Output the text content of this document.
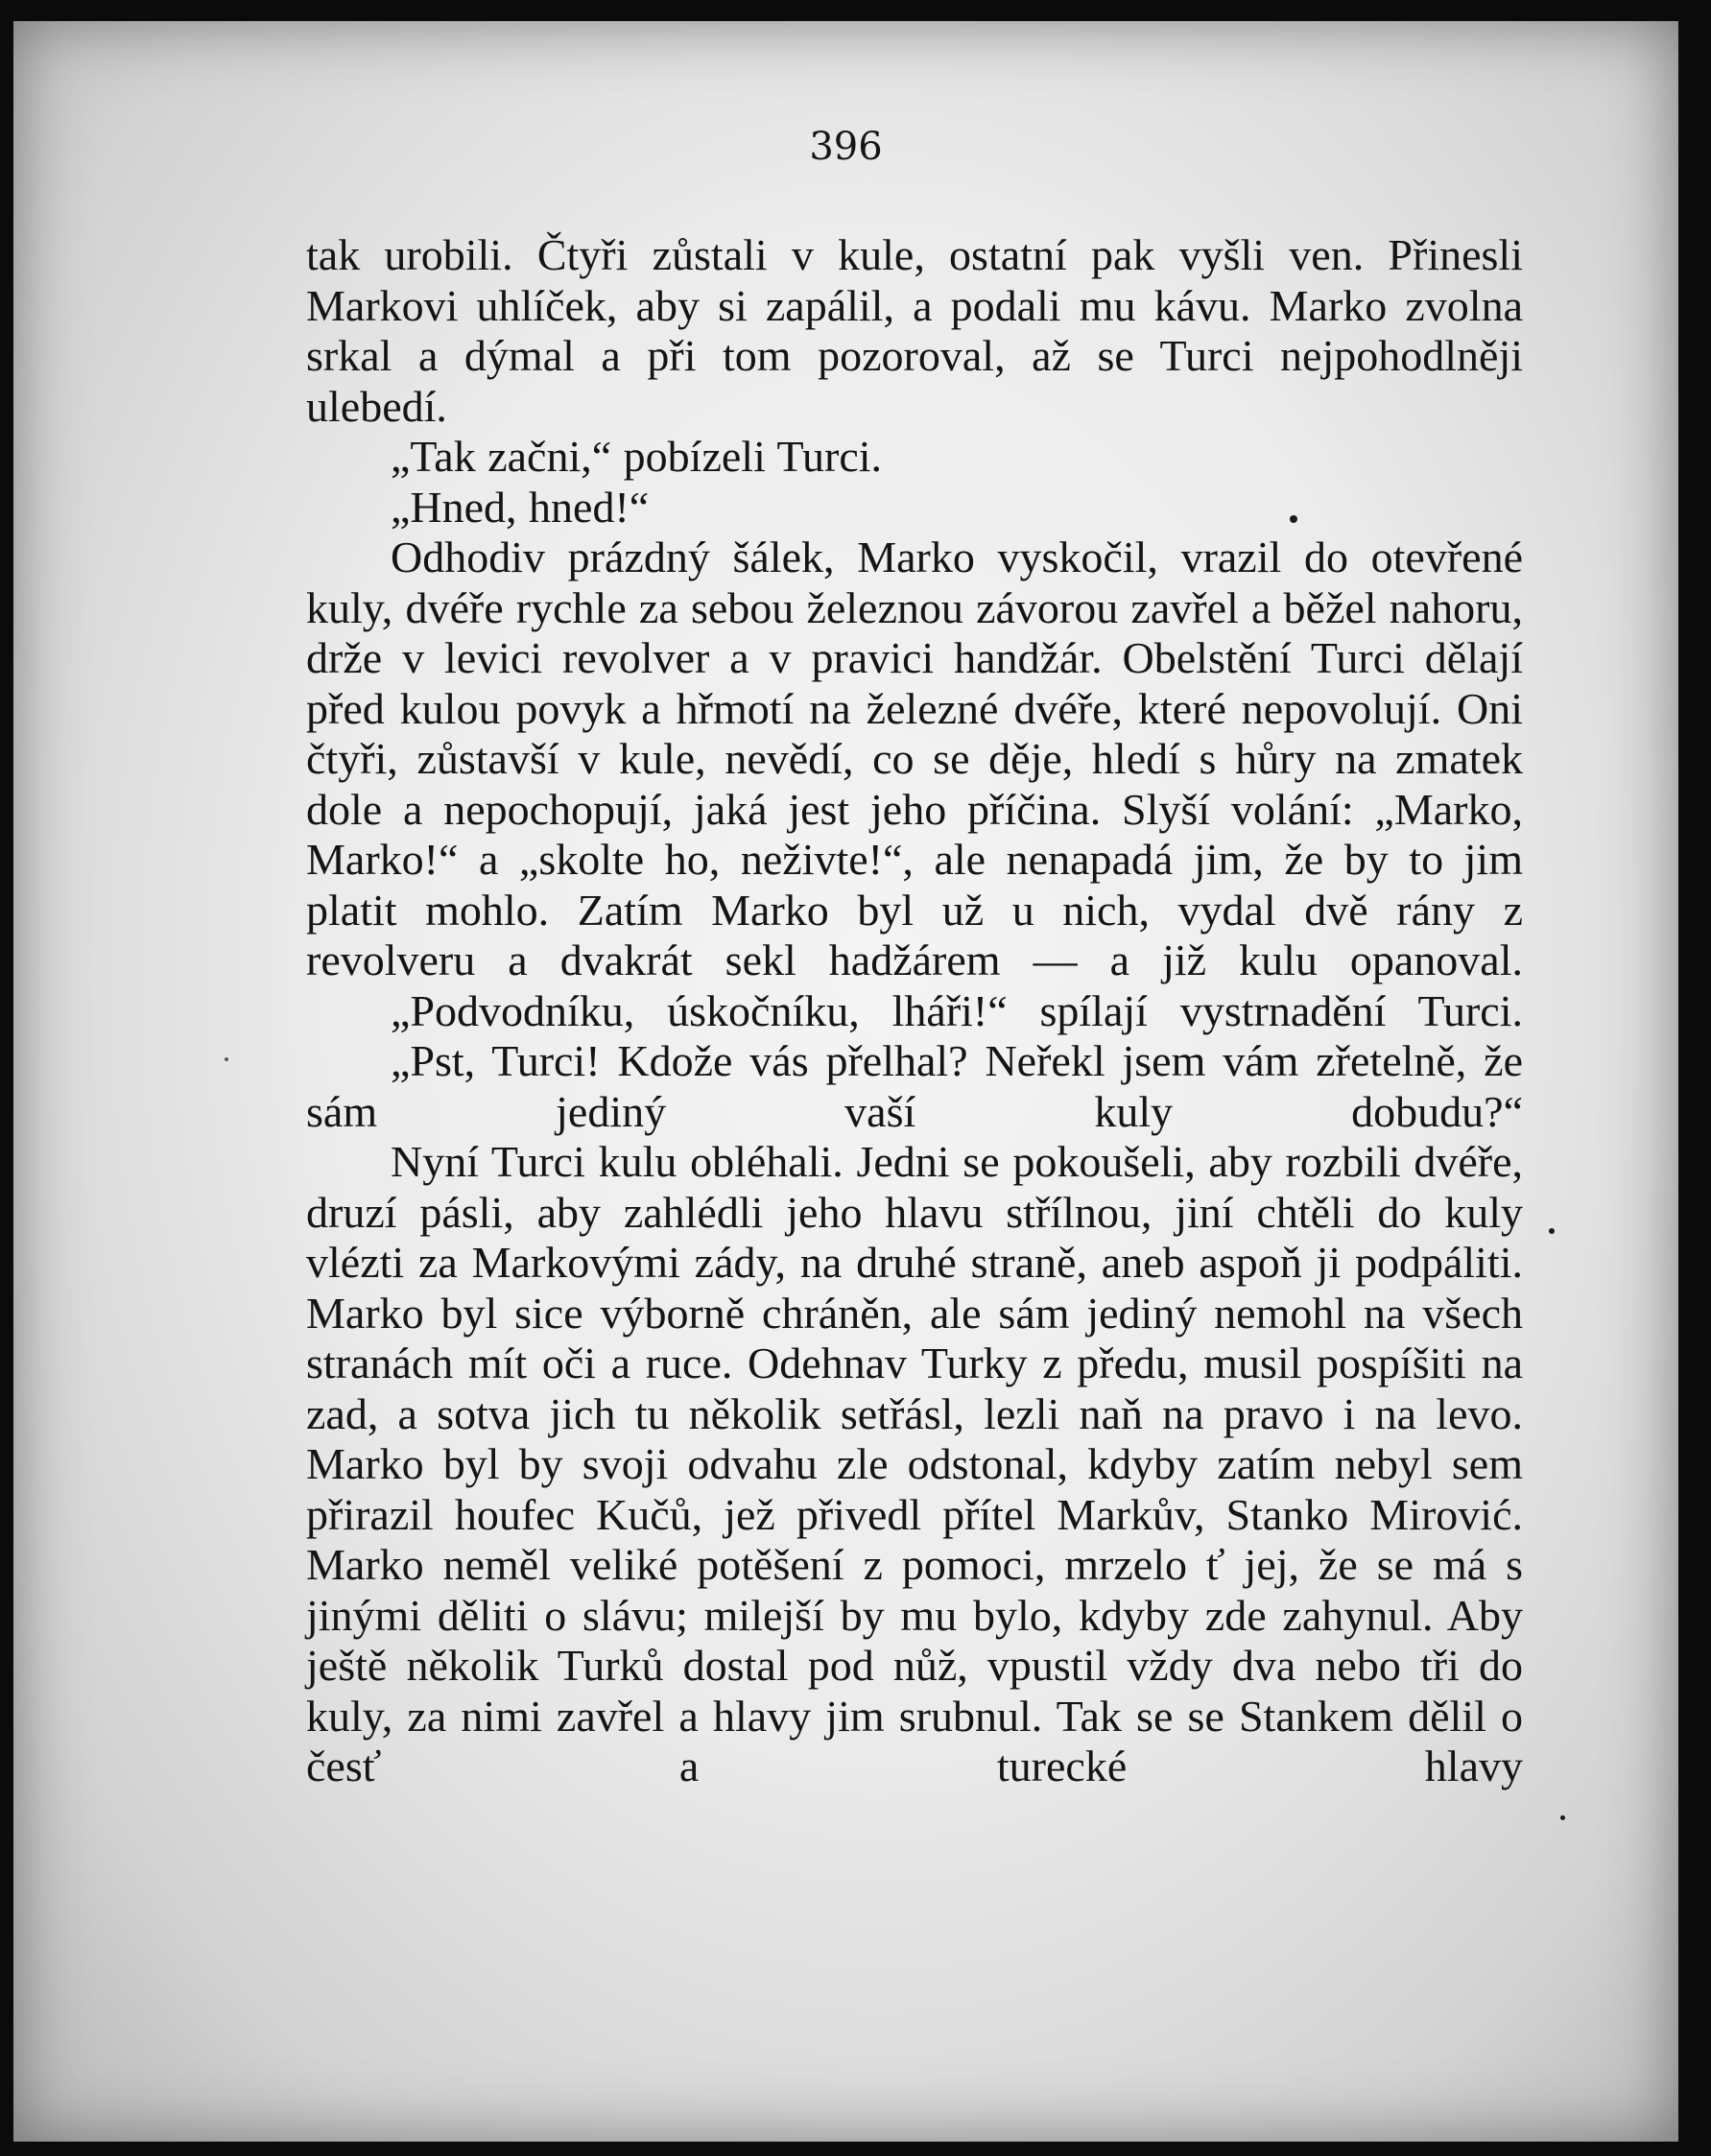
396

tak urobili. Čtyři zůstali v kule, ostatní pak vyšli ven. Přinesli Markovi uhlíček, aby si zapálil, a podali mu kávu. Marko zvolna srkal a dýmal a při tom pozoroval, až se Turci nejpohodlněji ulebedí.

„Tak začni,“ pobízeli Turci.

„Hned, hned!“

Odhodiv prázdný šálek, Marko vyskočil, vrazil do otevřené kuly, dvéře rychle za sebou železnou závorou zavřel a běžel nahoru, drže v levici revolver a v pravici handžár. Obelstění Turci dělají před kulou povyk a hřmotí na železné dvéře, které nepovolují. Oni čtyři, zůstavší v kule, nevědí, co se děje, hledí s hůry na zmatek dole a nepochopují, jaká jest jeho příčina. Slyší volání: „Marko, Marko!“ a „skolte ho, neživte!“, ale nenapadá jim, že by to jim platit mohlo. Zatím Marko byl už u nich, vydal dvě rány z revolveru a dvakrát sekl hadžárem — a již kulu opanoval.

„Podvodníku, úskočníku, lháři!“ spílají vystrnadění Turci.

„Pst, Turci! Kdože vás přelhal? Neřekl jsem vám zřetelně, že sám jediný vaší kuly dobudu?“

Nyní Turci kulu obléhali. Jedni se pokoušeli, aby rozbili dvéře, druzí pásli, aby zahlédli jeho hlavu střílnou, jiní chtěli do kuly vlézti za Markovými zády, na druhé straně, aneb aspoň ji podpáliti. Marko byl sice výborně chráněn, ale sám jediný nemohl na všech stranách mít oči a ruce. Odehnav Turky z předu, musil pospíšiti na zad, a sotva jich tu několik setřásl, lezli naň na pravo i na levo. Marko byl by svoji odvahu zle odstonal, kdyby zatím nebyl sem přirazil houfec Kučů, jež přivedl přítel Markův, Stanko Mirović. Marko neměl veliké potěšení z pomoci, mrzelo ť jej, že se má s jinými děliti o slávu; milejší by mu bylo, kdyby zde zahynul. Aby ještě několik Turků dostal pod nůž, vpustil vždy dva nebo tři do kuly, za nimi zavřel a hlavy jim srubnul. Tak se se Stankem dělil o česť a turecké hlavy
